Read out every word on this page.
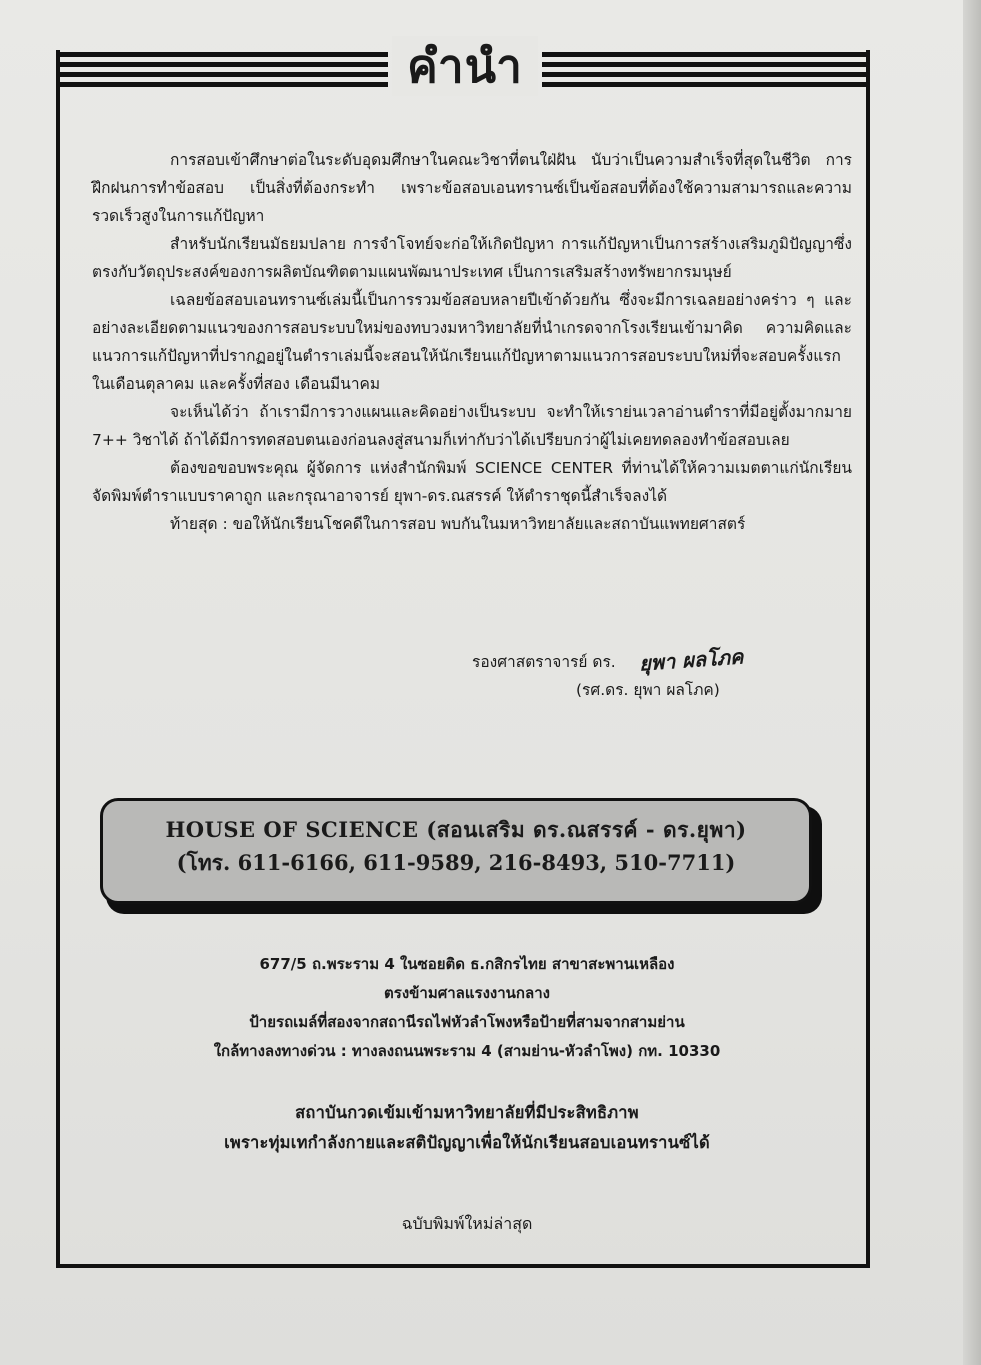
คำนำ

การสอบเข้าศึกษาต่อในระดับอุดมศึกษาในคณะวิชาที่ตนใฝ่ฝัน นับว่าเป็นความสำเร็จที่สุดในชีวิต การฝึกฝนการทำข้อสอบ เป็นสิ่งที่ต้องกระทำ เพราะข้อสอบเอนทรานซ์เป็นข้อสอบที่ต้องใช้ความสามารถและความรวดเร็วสูงในการแก้ปัญหา

สำหรับนักเรียนมัธยมปลาย การจำโจทย์จะก่อให้เกิดปัญหา การแก้ปัญหาเป็นการสร้างเสริมภูมิปัญญาซึ่งตรงกับวัตถุประสงค์ของการผลิตบัณฑิตตามแผนพัฒนาประเทศ เป็นการเสริมสร้างทรัพยากรมนุษย์

เฉลยข้อสอบเอนทรานซ์เล่มนี้เป็นการรวมข้อสอบหลายปีเข้าด้วยกัน ซึ่งจะมีการเฉลยอย่างคร่าว ๆ และอย่างละเอียดตามแนวของการสอบระบบใหม่ของทบวงมหาวิทยาลัยที่นำเกรดจากโรงเรียนเข้ามาคิด ความคิดและแนวการแก้ปัญหาที่ปรากฏอยู่ในตำราเล่มนี้จะสอนให้นักเรียนแก้ปัญหาตามแนวการสอบระบบใหม่ที่จะสอบครั้งแรกในเดือนตุลาคม และครั้งที่สอง เดือนมีนาคม

จะเห็นได้ว่า ถ้าเรามีการวางแผนและคิดอย่างเป็นระบบ จะทำให้เราย่นเวลาอ่านตำราที่มีอยู่ตั้งมากมาย 7++ วิชาได้ ถ้าได้มีการทดสอบตนเองก่อนลงสู่สนามก็เท่ากับว่าได้เปรียบกว่าผู้ไม่เคยทดลองทำข้อสอบเลย

ต้องขอขอบพระคุณ ผู้จัดการ แห่งสำนักพิมพ์ SCIENCE CENTER ที่ท่านได้ให้ความเมตตาแก่นักเรียนจัดพิมพ์ตำราแบบราคาถูก และกรุณาอาจารย์ ยุพา-ดร.ณสรรค์ ให้ตำราชุดนี้สำเร็จลงได้

ท้ายสุด : ขอให้นักเรียนโชคดีในการสอบ พบกันในมหาวิทยาลัยและสถาบันแพทยศาสตร์

รองศาสตราจารย์ ดร. ยุพา ผลโภค
(รศ.ดร. ยุพา ผลโภค)
HOUSE OF SCIENCE (สอนเสริม ดร.ณสรรค์ - ดร.ยุพา)
(โทร. 611-6166, 611-9589, 216-8493, 510-7711)
677/5 ถ.พระราม 4 ในซอยติด ธ.กสิกรไทย สาขาสะพานเหลือง
ตรงข้ามศาลแรงงานกลาง
ป้ายรถเมล์ที่สองจากสถานีรถไฟหัวลำโพงหรือป้ายที่สามจากสามย่าน
ใกล้ทางลงทางด่วน : ทางลงถนนพระราม 4 (สามย่าน-หัวลำโพง) กท. 10330
สถาบันกวดเข้มเข้ามหาวิทยาลัยที่มีประสิทธิภาพ
เพราะทุ่มเทกำลังกายและสติปัญญาเพื่อให้นักเรียนสอบเอนทรานซ์ได้
ฉบับพิมพ์ใหม่ล่าสุด
